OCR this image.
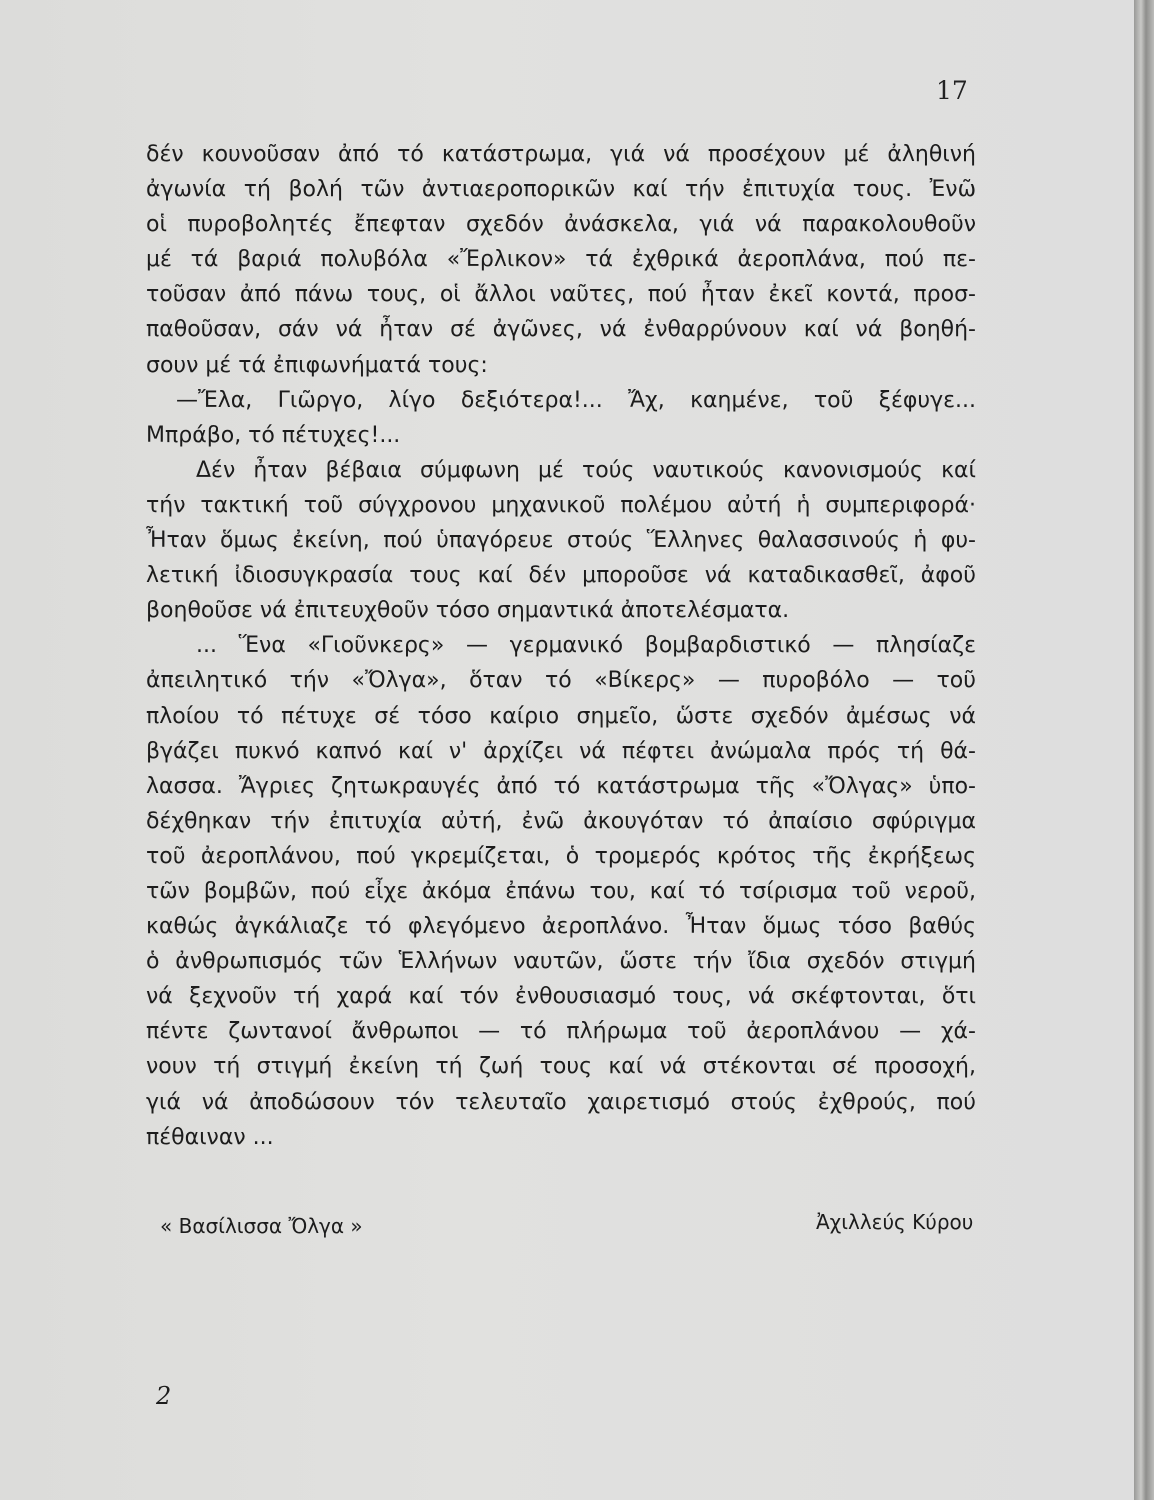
17
δέν κουνοῦσαν ἀπό τό κατάστρωμα, γιά νά προσέχουν μέ ἀληθινή
ἀγωνία τή βολή τῶν ἀντιαεροπορικῶν καί τήν ἐπιτυχία τους. Ἐνῶ
οἱ πυροβολητές ἔπεφταν σχεδόν ἀνάσκελα, γιά νά παρακολουθοῦν
μέ τά βαριά πολυβόλα «Ἔρλικον» τά ἐχθρικά ἀεροπλάνα, πού πε-
τοῦσαν ἀπό πάνω τους, οἱ ἄλλοι ναῦτες, πού ἦταν ἐκεῖ κοντά, προσ-
παθοῦσαν, σάν νά ἦταν σέ ἀγῶνες, νά ἐνθαρρύνουν καί νά βοηθή-
σουν μέ τά ἐπιφωνήματά τους:
—Ἔλα, Γιῶργο, λίγο δεξιότερα!... Ἄχ, καημένε, τοῦ ξέφυγε...
Μπράβο, τό πέτυχες!...
Δέν ἦταν βέβαια σύμφωνη μέ τούς ναυτικούς κανονισμούς καί
τήν τακτική τοῦ σύγχρονου μηχανικοῦ πολέμου αὐτή ἡ συμπεριφορά·
Ἦταν ὅμως ἐκείνη, πού ὑπαγόρευε στούς Ἕλληνες θαλασσινούς ἡ φυ-
λετική ἰδιοσυγκρασία τους καί δέν μποροῦσε νά καταδικασθεῖ, ἀφοῦ
βοηθοῦσε νά ἐπιτευχθοῦν τόσο σημαντικά ἀποτελέσματα.
... Ἕνα «Γιοῦνκερς» — γερμανικό βομβαρδιστικό — πλησίαζε
ἀπειλητικό τήν «Ὄλγα», ὅταν τό «Βίκερς» — πυροβόλο — τοῦ
πλοίου τό πέτυχε σέ τόσο καίριο σημεῖο, ὥστε σχεδόν ἀμέσως νά
βγάζει πυκνό καπνό καί ν' ἀρχίζει νά πέφτει ἀνώμαλα πρός τή θά-
λασσα. Ἄγριες ζητωκραυγές ἀπό τό κατάστρωμα τῆς «Ὄλγας» ὑπο-
δέχθηκαν τήν ἐπιτυχία αὐτή, ἐνῶ ἀκουγόταν τό ἀπαίσιο σφύριγμα
τοῦ ἀεροπλάνου, πού γκρεμίζεται, ὁ τρομερός κρότος τῆς ἐκρήξεως
τῶν βομβῶν, πού εἶχε ἀκόμα ἐπάνω του, καί τό τσίρισμα τοῦ νεροῦ,
καθώς ἀγκάλιαζε τό φλεγόμενο ἀεροπλάνο. Ἦταν ὅμως τόσο βαθύς
ὁ ἀνθρωπισμός τῶν Ἑλλήνων ναυτῶν, ὥστε τήν ἴδια σχεδόν στιγμή
νά ξεχνοῦν τή χαρά καί τόν ἐνθουσιασμό τους, νά σκέφτονται, ὅτι
πέντε ζωντανοί ἄνθρωποι — τό πλήρωμα τοῦ ἀεροπλάνου — χά-
νουν τή στιγμή ἐκείνη τή ζωή τους καί νά στέκονται σέ προσοχή,
γιά νά ἀποδώσουν τόν τελευταῖο χαιρετισμό στούς ἐχθρούς, πού
πέθαιναν ...
« Βασίλισσα Ὄλγα »	Ἀχιλλεύς Κύρου
2
